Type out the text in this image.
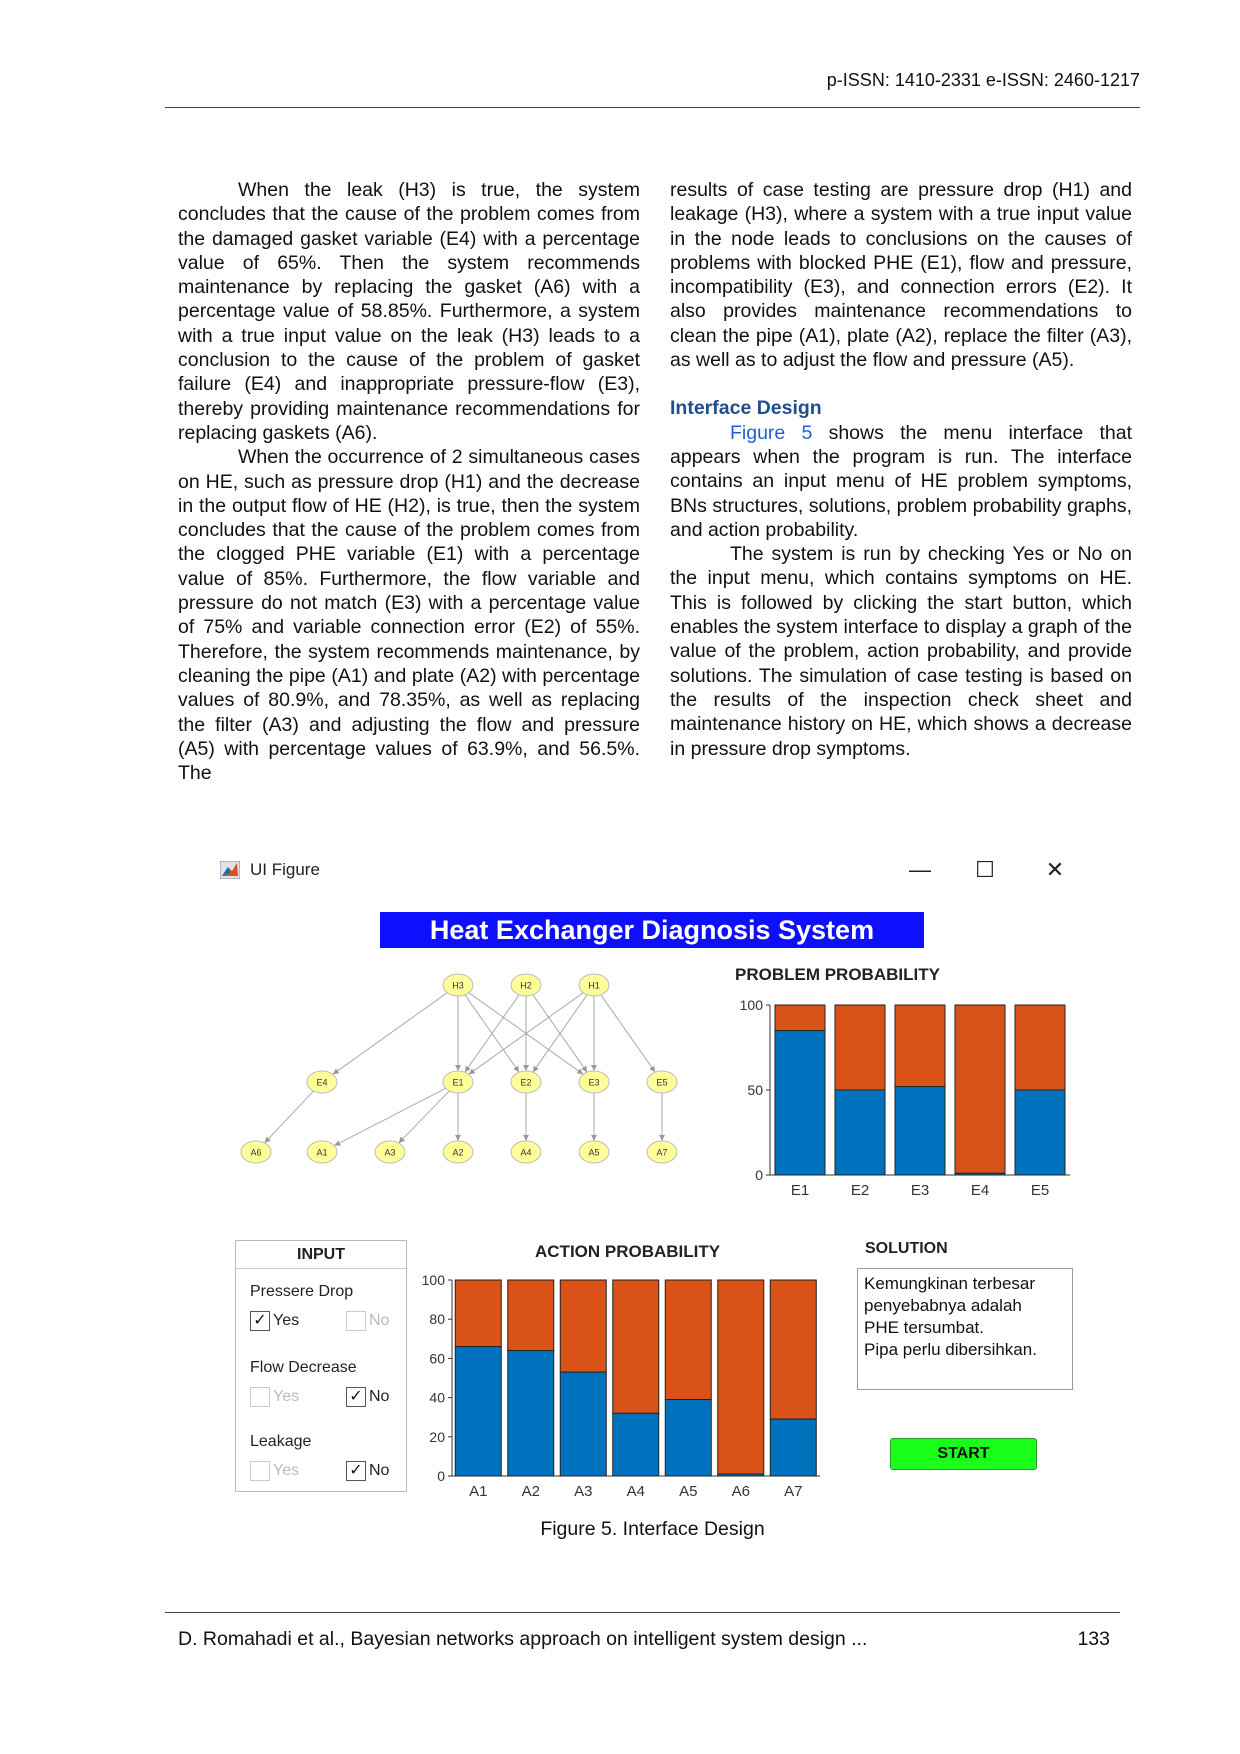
p-ISSN: 1410-2331 e-ISSN: 2460-1217

When the leak (H3) is true, the system concludes that the cause of the problem comes from the damaged gasket variable (E4) with a percentage value of 65%. Then the system recommends maintenance by replacing the gasket (A6) with a percentage value of 58.85%. Furthermore, a system with a true input value on the leak (H3) leads to a conclusion to the cause of the problem of gasket failure (E4) and inappropriate pressure-flow (E3), thereby providing maintenance recommendations for replacing gaskets (A6).

When the occurrence of 2 simultaneous cases on HE, such as pressure drop (H1) and the decrease in the output flow of HE (H2), is true, then the system concludes that the cause of the problem comes from the clogged PHE variable (E1) with a percentage value of 85%. Furthermore, the flow variable and pressure do not match (E3) with a percentage value of 75% and variable connection error (E2) of 55%. Therefore, the system recommends maintenance, by cleaning the pipe (A1) and plate (A2) with percentage values of 80.9%, and 78.35%, as well as replacing the filter (A3) and adjusting the flow and pressure (A5) with percentage values of 63.9%, and 56.5%. The

results of case testing are pressure drop (H1) and leakage (H3), where a system with a true input value in the node leads to conclusions on the causes of problems with blocked PHE (E1), flow and pressure, incompatibility (E3), and connection errors (E2). It also provides maintenance recommendations to clean the pipe (A1), plate (A2), replace the filter (A3), as well as to adjust the flow and pressure (A5).

Interface Design

Figure 5 shows the menu interface that appears when the program is run. The interface contains an input menu of HE problem symptoms, BNs structures, solutions, problem probability graphs, and action probability.

The system is run by checking Yes or No on the input menu, which contains symptoms on HE. This is followed by clicking the start button, which enables the system interface to display a graph of the value of the problem, action probability, and provide solutions. The simulation of case testing is based on the results of the inspection check sheet and maintenance history on HE, which shows a decrease in pressure drop symptoms.

UI Figure	— ☐ ✕
Heat Exchanger Diagnosis System
H3	H2	H1
E4	E1	E2	E3	E5
A6	A1	A3	A2	A4	A5	A7
PROBLEM PROBABILITY
0
50
100
E1	E2	E3	E4	E5
INPUT
Pressere Drop
✓ Yes	No
Flow Decrease
Yes	✓ No
Leakage
Yes	✓ No
ACTION PROBABILITY
0
20
40
60
80
100
A1 A2 A3 A4 A5 A6 A7
SOLUTION
Kemungkinan terbesar
penyebabnya adalah
PHE tersumbat.
Pipa perlu dibersihkan.
START
Figure 5. Interface Design
D. Romahadi et al., Bayesian networks approach on intelligent system design ...	133
